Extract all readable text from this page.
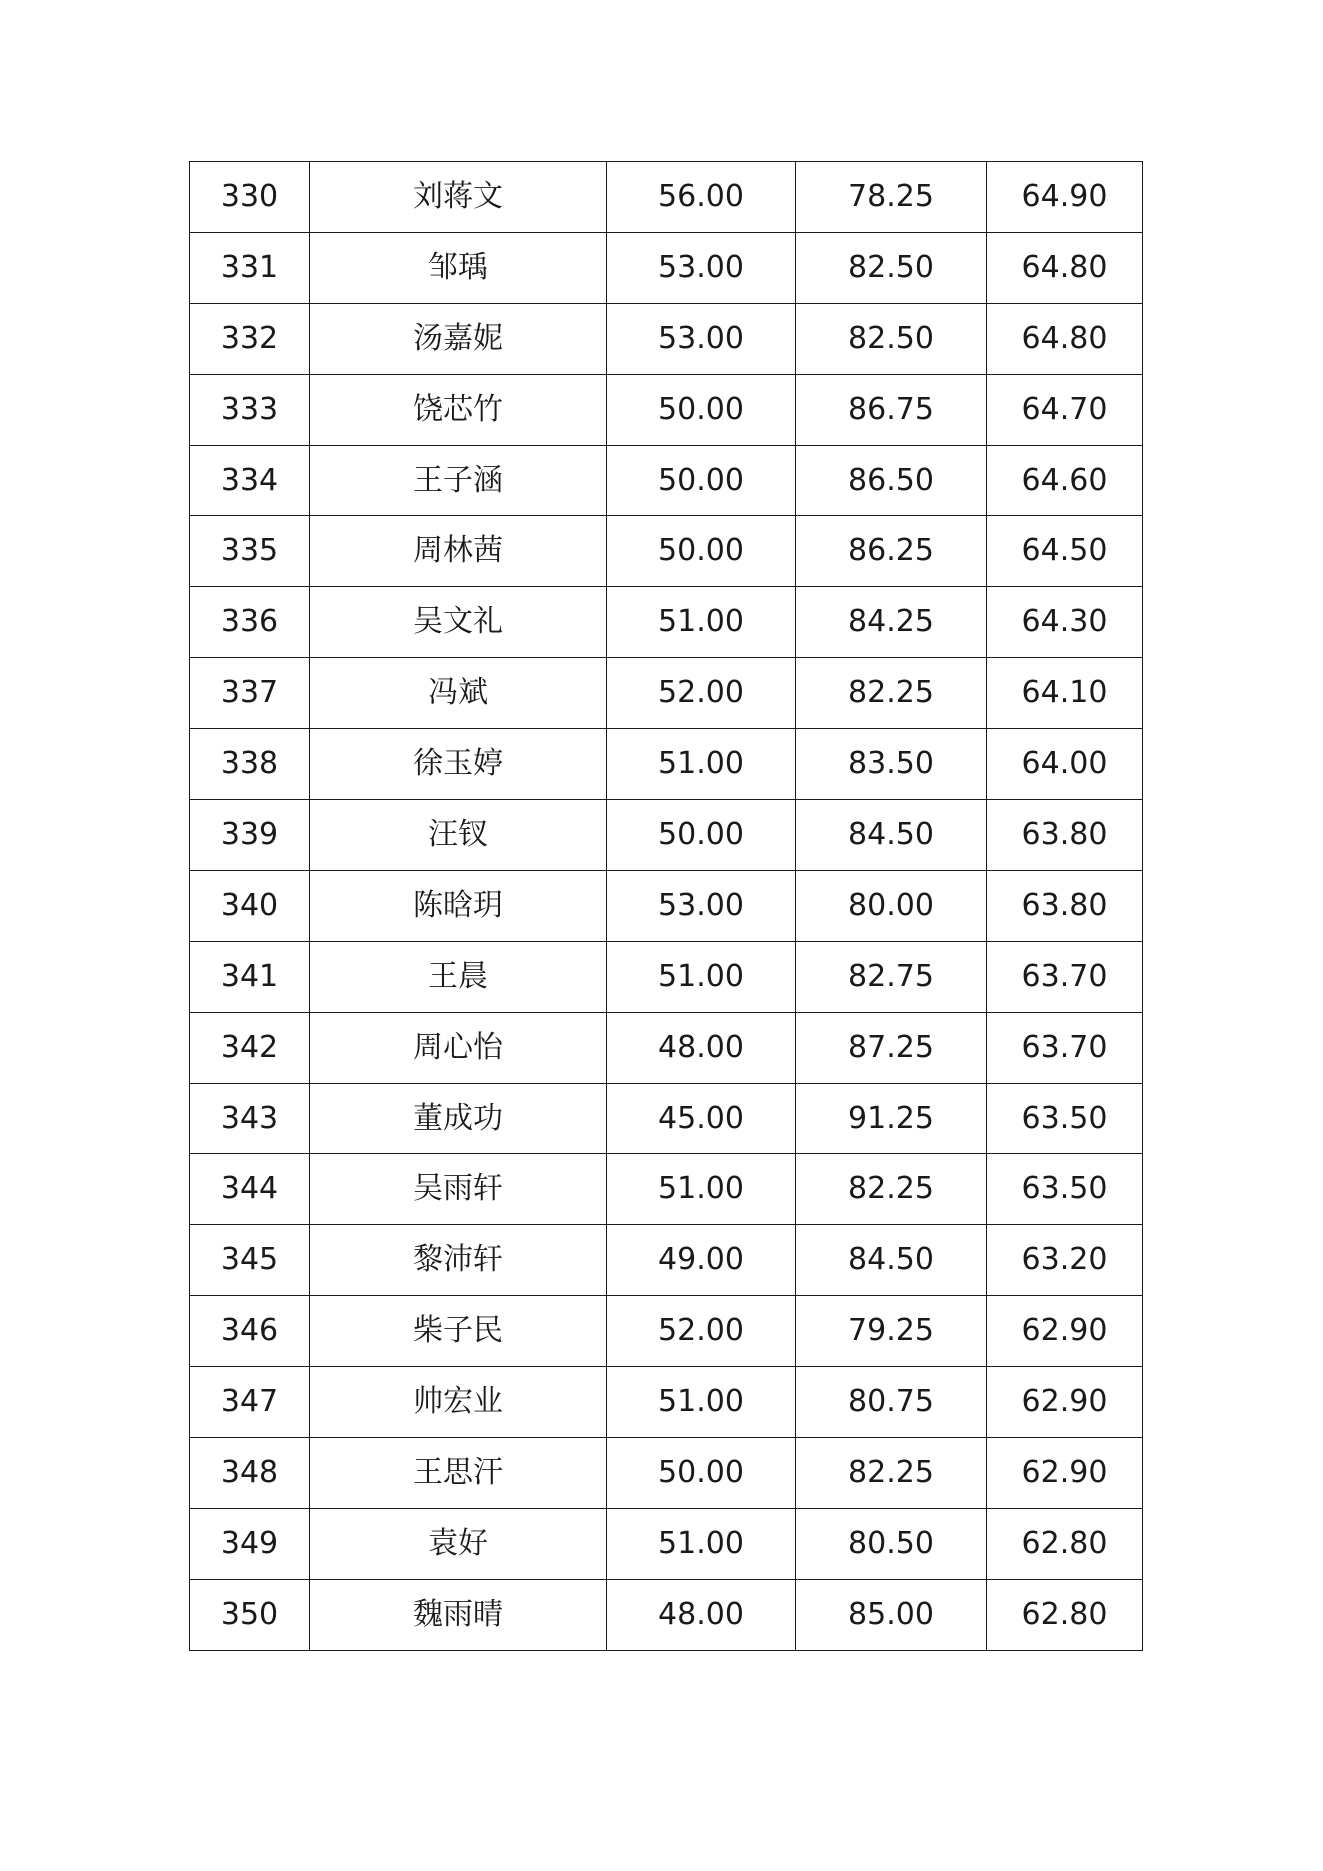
330	刘蒋文	56.00	78.25	64.90
331	邹瑀	53.00	82.50	64.80
332	汤嘉妮	53.00	82.50	64.80
333	饶芯竹	50.00	86.75	64.70
334	王子涵	50.00	86.50	64.60
335	周林茜	50.00	86.25	64.50
336	吴文礼	51.00	84.25	64.30
337	冯斌	52.00	82.25	64.10
338	徐玉婷	51.00	83.50	64.00
339	汪钗	50.00	84.50	63.80
340	陈晗玥	53.00	80.00	63.80
341	王晨	51.00	82.75	63.70
342	周心怡	48.00	87.25	63.70
343	董成功	45.00	91.25	63.50
344	吴雨轩	51.00	82.25	63.50
345	黎沛轩	49.00	84.50	63.20
346	柴子民	52.00	79.25	62.90
347	帅宏业	51.00	80.75	62.90
348	王思汗	50.00	82.25	62.90
349	袁好	51.00	80.50	62.80
350	魏雨晴	48.00	85.00	62.80
